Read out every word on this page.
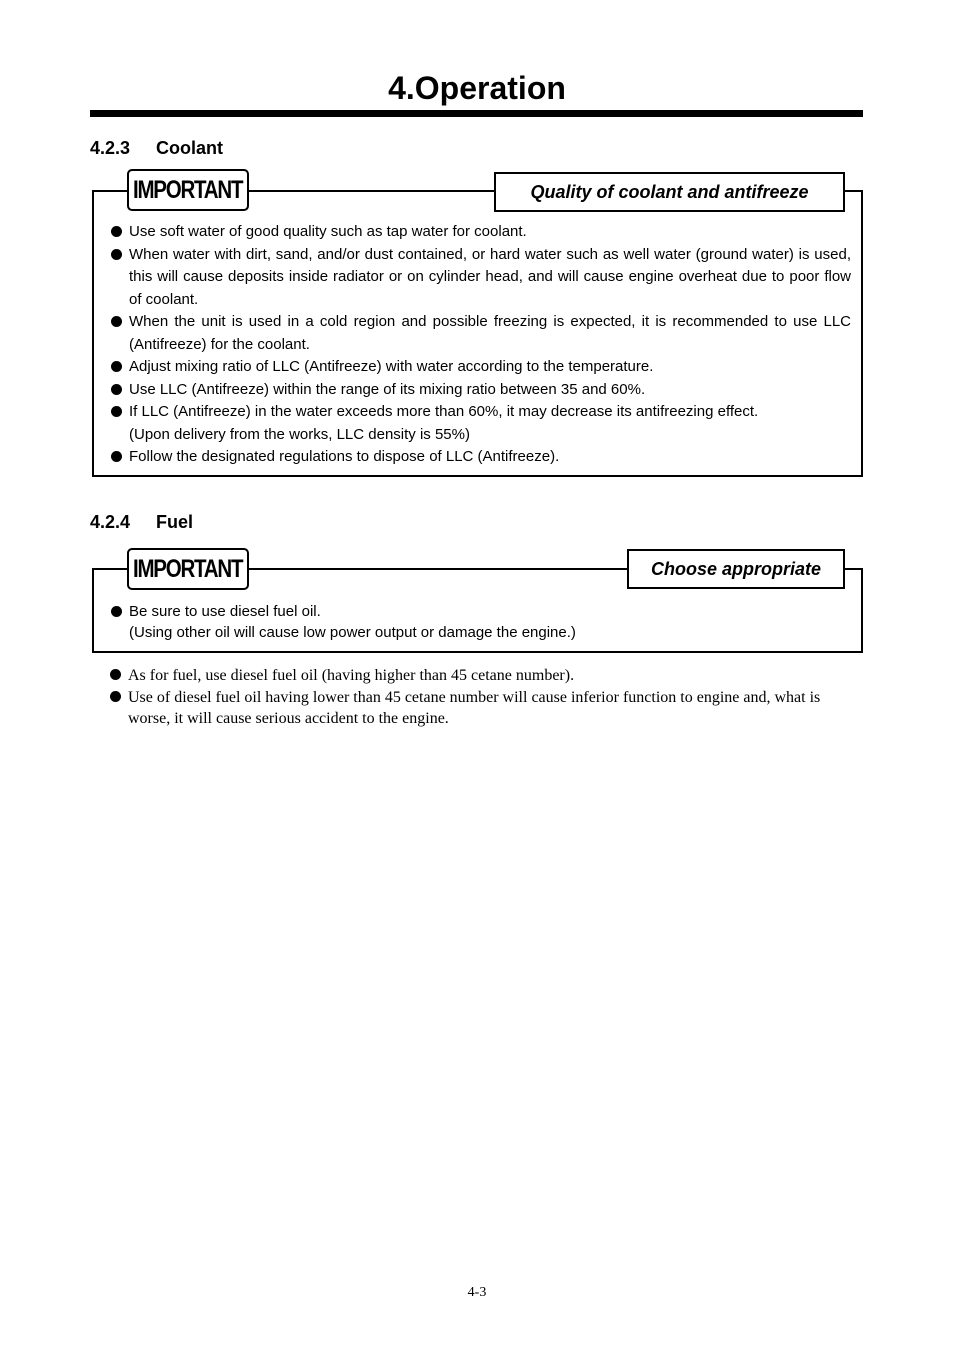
4.Operation
4.2.3 Coolant
Use soft water of good quality such as tap water for coolant.
When water with dirt, sand, and/or dust contained, or hard water such as well water (ground water) is used, this will cause deposits inside radiator or on cylinder head, and will cause engine overheat due to poor flow of coolant.
When the unit is used in a cold region and possible freezing is expected, it is recommended to use LLC (Antifreeze) for the coolant.
Adjust mixing ratio of LLC (Antifreeze) with water according to the temperature.
Use LLC (Antifreeze) within the range of its mixing ratio between 35 and 60%.
If LLC (Antifreeze) in the water exceeds more than 60%, it may decrease its antifreezing effect.
(Upon delivery from the works, LLC density is 55%)
Follow the designated regulations to dispose of LLC (Antifreeze).
IMPORTANT	Quality of coolant and antifreeze
4.2.4 Fuel
Be sure to use diesel fuel oil.
(Using other oil will cause low power output or damage the engine.)
IMPORTANT	Choose appropriate
As for fuel, use diesel fuel oil (having higher than 45 cetane number).
Use of diesel fuel oil having lower than 45 cetane number will cause inferior function to engine and, what is worse, it will cause serious accident to the engine.
4-3
